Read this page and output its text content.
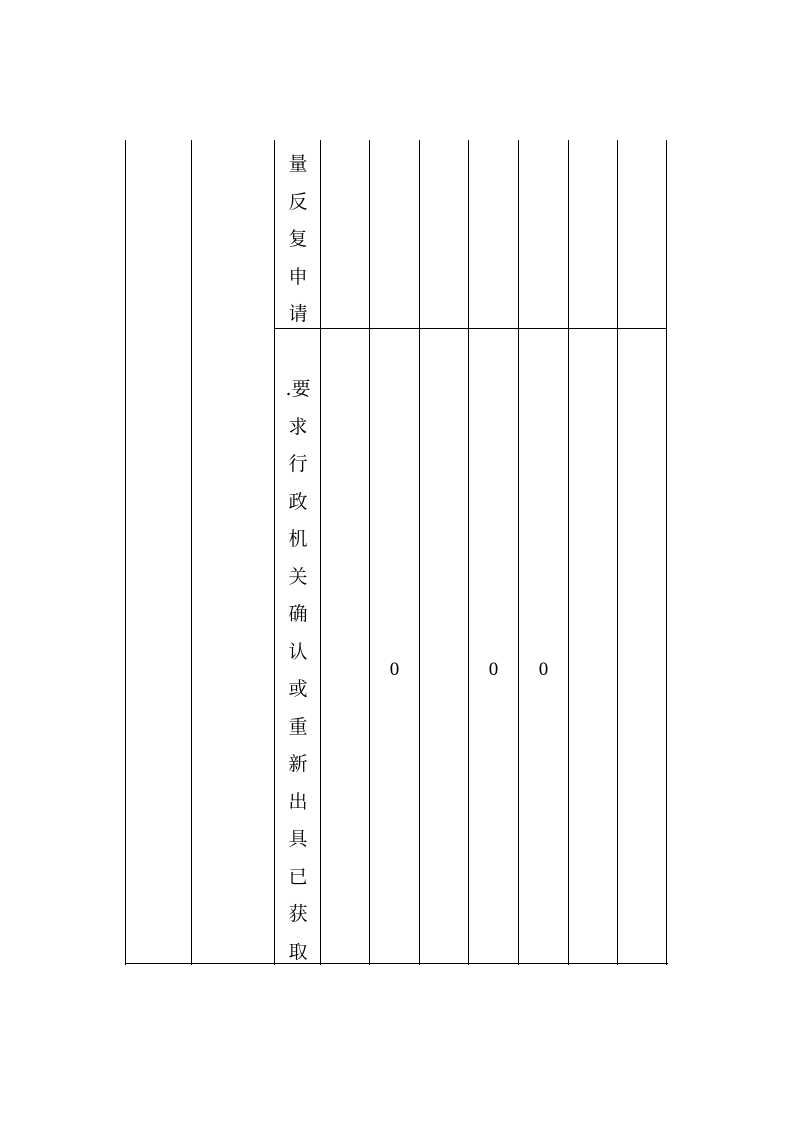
量
反
复
申
请
.要
求
行
政
机
关
确
认
或
重
新
出
具
已
获
取
0	0	0
